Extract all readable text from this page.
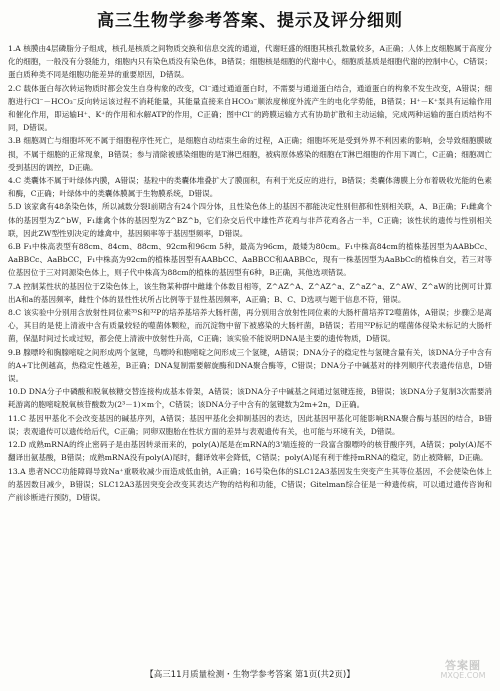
高三生物学参考答案、提示及评分细则

1.A 核膜由4层磷脂分子组成，核孔是核质之间物质交换和信息交流的通道，代谢旺盛的细胞其核孔数量较多，A正确；人体上皮细胞属于高度分化的细胞，一般没有分裂能力，细胞内只有染色质没有染色体，B错误；细胞核是细胞的代谢中心，细胞质基质是细胞代谢的控制中心，C错误；蛋白质种类不同是细胞功能差异的重要原因，D错误。

2.C 载体蛋白每次转运物质时都会发生自身构象的改变，Cl⁻通过通道蛋白时，不需要与通道蛋白结合，通道蛋白的构象不发生改变，A错误；细胞进行Cl⁻－HCO₃⁻反向转运该过程不消耗能量，其能量直接来自HCO₃⁻顺浓度梯度外流产生的电化学势能，B错误；H⁺－K⁺泵具有运输作用和催化作用，即运输H⁺、K⁺的作用和水解ATP的作用，C正确；图中Cl⁻的跨膜运输方式有协助扩散和主动运输，完成两种运输的蛋白质结构不同，D错误。

3.B 细胞凋亡与细胞坏死不属于细胞程序性死亡，是细胞自动结束生命的过程，A正确；细胞坏死是受到外界不利因素的影响，会导致细胞膜破损，不属于细胞的正常现象，B错误；参与清除被感染细胞的是T淋巴细胞，被病原体感染的细胞在T淋巴细胞的作用下凋亡，C正确；细胞凋亡受到基因的调控，D正确。

4.C 类囊体不属于叶绿体内膜，A错误；基粒中的类囊体堆叠扩大了膜面积，有利于光反应的进行，B错误；类囊体薄膜上分布着吸收光能的色素和酶，C正确；叶绿体中的类囊体膜属于生物膜系统，D错误。

5.D 该家禽有48条染色体，所以减数分裂Ⅰ前期含有24个四分体，且性染色体上的基因不都能决定性别但都和性别相关联，A、B正确；F₁雌禽个体的基因型为Z^bW，F₁雄禽个体的基因型为Z^BZ^b，它们杂交后代中雄性芦花鸡与非芦花鸡各占一半，C正确；该性状的遗传与性别相关联，因此ZW型性别决定的雄禽中，基因频率等于基因型频率，D错误。

6.B F₁中株高表型有88cm、84cm、88cm、92cm和96cm 5种，最高为96cm，最矮为80cm。F₁中株高84cm的植株基因型为AABbCc、AaBBCc、AaBbCC，F₁中株高为92cm的植株基因型有AABbCC、AaBBCC和AABBCc，现有一株基因型为AaBbCc的植株自交，若三对等位基因位于三对同源染色体上，则子代中株高为88cm的植株的基因型有6种，B正确，其他选项错误。

7.A 控制某性状的基因位于Z染色体上，该生物某种群中雌雄个体数目相等，Z^AZ^A、Z^AZ^a、Z^aZ^a、Z^AW、Z^aW的比例可计算出A和a的基因频率，雌性个体的显性性状所占比例等于显性基因频率，A正确；B、C、D选项与题干信息不符，错误。

8.C 该实验中分别用含放射性同位素³⁵S和³²P的培养基培养大肠杆菌，再分别用含放射性同位素的大肠杆菌培养T2噬菌体，A错误；步骤②是离心，其目的是使上清液中含有质量较轻的噬菌体颗粒，而沉淀物中留下被感染的大肠杆菌，B错误；若用³²P标记的噬菌体侵染未标记的大肠杆菌，保温时间过长或过短，都会使上清液中放射性升高，C正确；该实验不能说明DNA是主要的遗传物质，D错误。

9.B 腺嘌呤和胸腺嘧啶之间形成两个氢键，鸟嘌呤和胞嘧啶之间形成三个氢键，A错误；DNA分子的稳定性与氢键含量有关，该DNA分子中含有的A+T比例越高，热稳定性越差，B正确；DNA复制需要解旋酶和DNA聚合酶等，C错误；DNA分子中碱基对的排列顺序代表遗传信息，D错误。

10.D DNA分子中磷酸和脱氧核糖交替连接构成基本骨架，A错误；该DNA分子中碱基之间通过氢键连接，B错误；该DNA分子复制3次需要消耗游离的胞嘧啶脱氧核苷酸数为(2³－1)×m个，C错误；该DNA分子中含有的氢键数为2m+2n，D正确。

11.C 基因甲基化不会改变基因的碱基序列，A错误；基因甲基化会抑制基因的表达，因此基因甲基化可能影响RNA聚合酶与基因的结合，B错误；表观遗传可以遗传给后代，C正确；同卵双胞胎在性状方面的差异与表观遗传有关，也可能与环境有关，D错误。

12.D 成熟mRNA的终止密码子是由基因转录而来的，poly(A)尾是在mRNA的3'端连接的一段富含腺嘌呤的核苷酸序列，A错误；poly(A)尾不翻译出氨基酸，B错误；成熟mRNA没有poly(A)尾时，翻译效率会降低，C错误；poly(A)尾有利于维持mRNA的稳定，防止被降解，D正确。

13.A 患者NCC功能障碍导致Na⁺重吸收减少而造成低血钠，A正确；16号染色体的SLC12A3基因发生突变产生其等位基因，不会使染色体上的基因数目减少，B错误；SLC12A3基因突变会改变其表达产物的结构和功能，C错误；Gitelman综合征是一种遗传病，可以通过遗传咨询和产前诊断进行预防，D错误。

【高三11月质量检测・生物学参考答案 第1页(共2页)】
答案圈
MXQE.COM
